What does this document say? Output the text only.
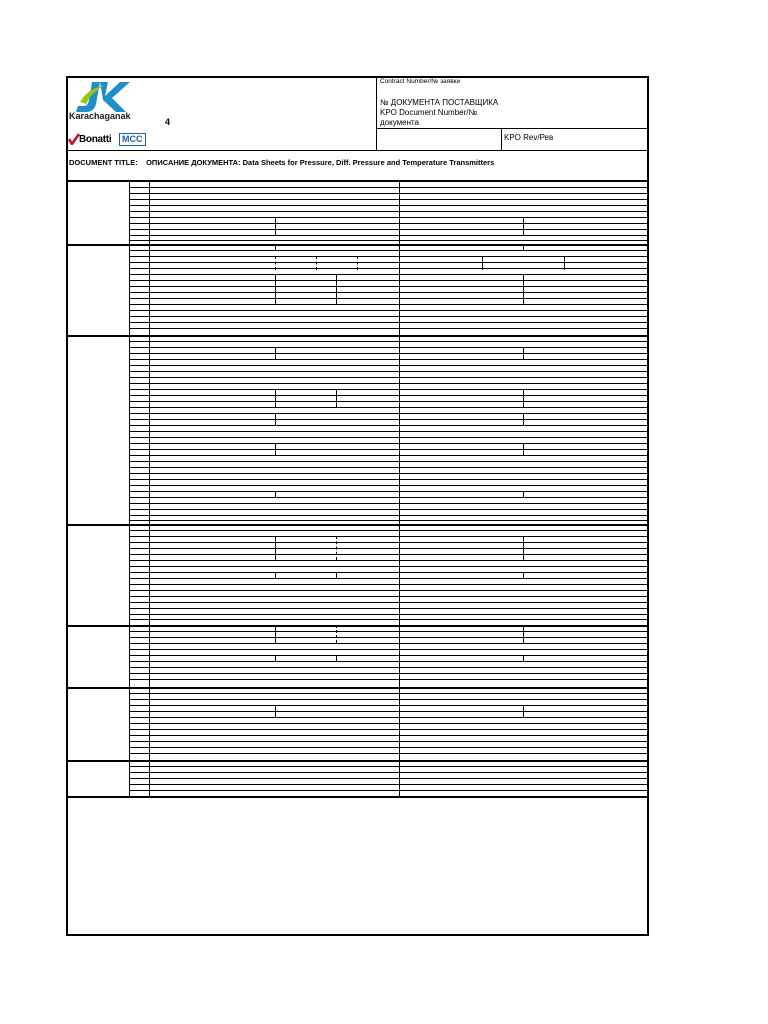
Karachaganak
Bonatti	MCC
4
Contract Number/№ заявки
№ ДОКУМЕНТА ПОСТАВЩИКА
KPO Document Number/№
документа
KPO Rev/Рев
DOCUMENT TITLE: ОПИСАНИЕ ДОКУМЕНТА: Data Sheets for Pressure, Diff. Pressure and Temperature Transmitters
